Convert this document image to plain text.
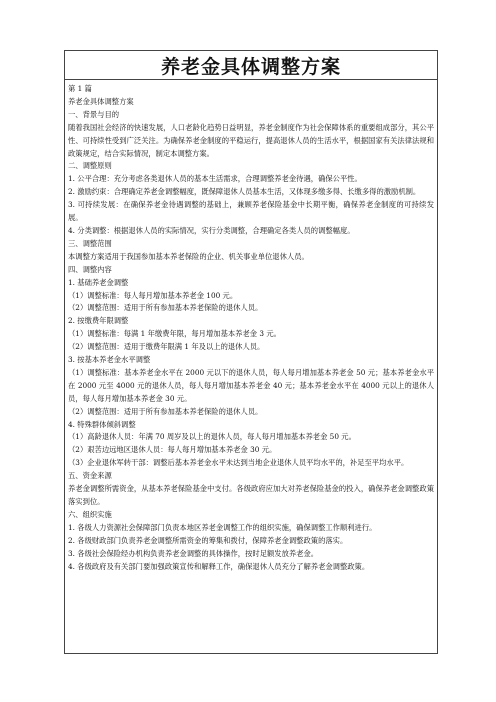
养老金具体调整方案
第 1 篇
养老金具体调整方案
一、背景与目的
随着我国社会经济的快速发展，人口老龄化趋势日益明显，养老金制度作为社会保障体系的重要组成部分，其公平性、可持续性受到广泛关注。为确保养老金制度的平稳运行，提高退休人员的生活水平，根据国家有关法律法规和政策规定，结合实际情况，制定本调整方案。
二、调整原则
1. 公平合理：充分考虑各类退休人员的基本生活需求，合理调整养老金待遇，确保公平性。
2. 激励约束：合理确定养老金调整幅度，既保障退休人员基本生活，又体现多缴多得、长缴多得的激励机制。
3. 可持续发展：在确保养老金待遇调整的基础上，兼顾养老保险基金中长期平衡，确保养老金制度的可持续发展。
4. 分类调整：根据退休人员的实际情况，实行分类调整，合理确定各类人员的调整幅度。
三、调整范围
本调整方案适用于我国参加基本养老保险的企业、机关事业单位退休人员。
四、调整内容
1. 基础养老金调整
（1）调整标准：每人每月增加基本养老金 100 元。
（2）调整范围：适用于所有参加基本养老保险的退休人员。
2. 按缴费年限调整
（1）调整标准：每满 1 年缴费年限，每月增加基本养老金 3 元。
（2）调整范围：适用于缴费年限满 1 年及以上的退休人员。
3. 按基本养老金水平调整
（1）调整标准：基本养老金水平在 2000 元以下的退休人员，每人每月增加基本养老金 50 元；基本养老金水平在 2000 元至 4000 元的退休人员，每人每月增加基本养老金 40 元；基本养老金水平在 4000 元以上的退休人员，每人每月增加基本养老金 30 元。
（2）调整范围：适用于所有参加基本养老保险的退休人员。
4. 特殊群体倾斜调整
（1）高龄退休人员：年满 70 周岁及以上的退休人员，每人每月增加基本养老金 50 元。
（2）艰苦边远地区退休人员：每人每月增加基本养老金 30 元。
（3）企业退休军转干部：调整后基本养老金水平未达到当地企业退休人员平均水平的，补足至平均水平。
五、资金来源
养老金调整所需资金，从基本养老保险基金中支付。各级政府应加大对养老保险基金的投入，确保养老金调整政策落实到位。
六、组织实施
1. 各级人力资源社会保障部门负责本地区养老金调整工作的组织实施，确保调整工作顺利进行。
2. 各级财政部门负责养老金调整所需资金的筹集和拨付，保障养老金调整政策的落实。
3. 各级社会保险经办机构负责养老金调整的具体操作，按时足额发放养老金。
4. 各级政府及有关部门要加强政策宣传和解释工作，确保退休人员充分了解养老金调整政策。
